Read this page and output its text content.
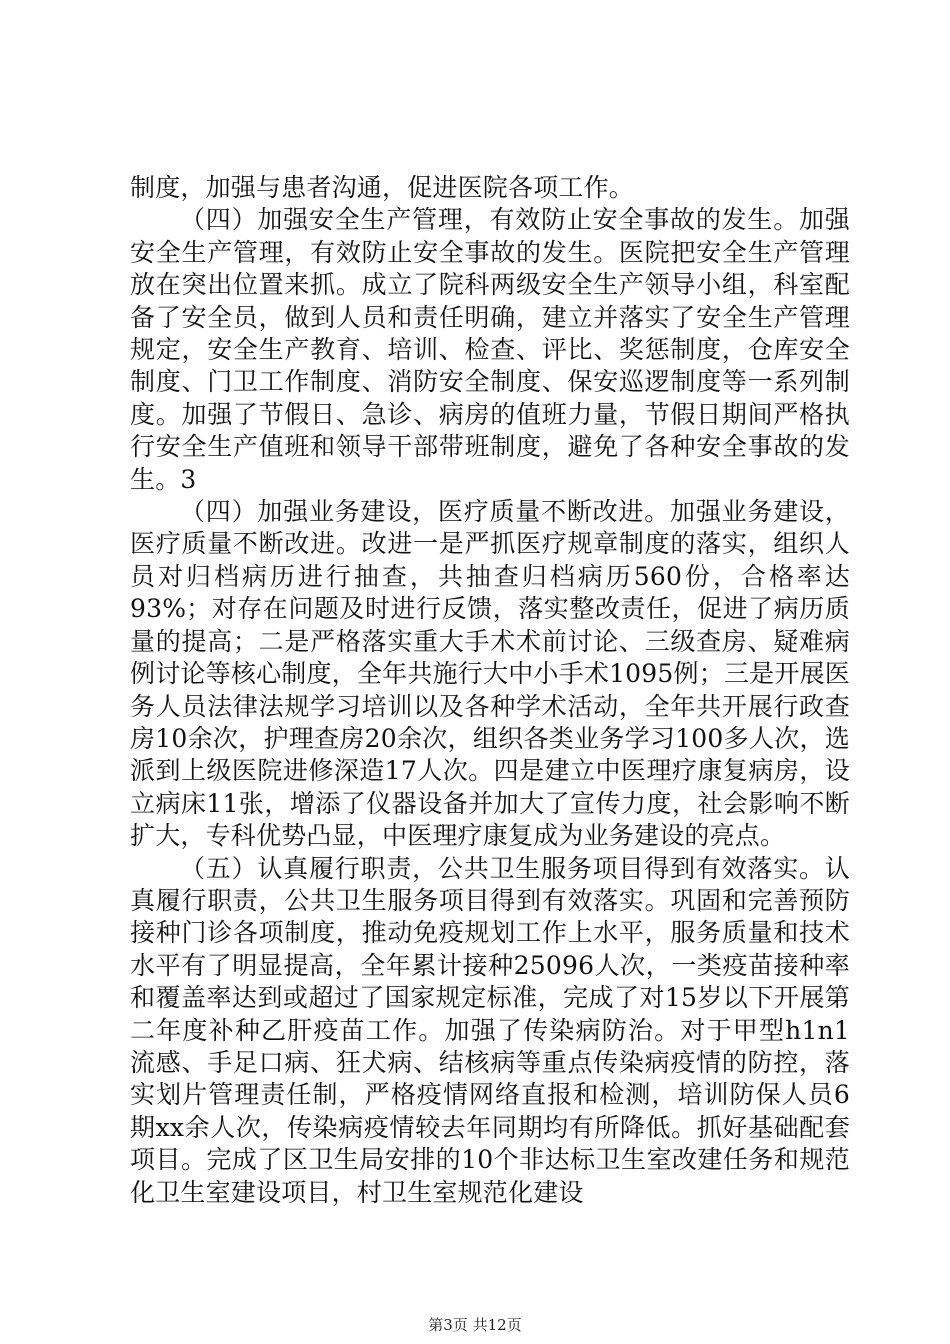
制度，加强与患者沟通，促进医院各项工作。

（四）加强安全生产管理，有效防止安全事故的发生。加强安全生产管理，有效防止安全事故的发生。医院把安全生产管理放在突出位置来抓。成立了院科两级安全生产领导小组，科室配备了安全员，做到人员和责任明确，建立并落实了安全生产管理规定，安全生产教育、培训、检查、评比、奖惩制度，仓库安全制度、门卫工作制度、消防安全制度、保安巡逻制度等一系列制度。加强了节假日、急诊、病房的值班力量，节假日期间严格执行安全生产值班和领导干部带班制度，避免了各种安全事故的发生。3

（四）加强业务建设，医疗质量不断改进。加强业务建设，医疗质量不断改进。改进一是严抓医疗规章制度的落实，组织人员对归档病历进行抽查，共抽查归档病历560份，合格率达93%；对存在问题及时进行反馈，落实整改责任，促进了病历质量的提高；二是严格落实重大手术术前讨论、三级查房、疑难病例讨论等核心制度，全年共施行大中小手术1095例；三是开展医务人员法律法规学习培训以及各种学术活动，全年共开展行政查房10余次，护理查房20余次，组织各类业务学习100多人次，选派到上级医院进修深造17人次。四是建立中医理疗康复病房，设立病床11张，增添了仪器设备并加大了宣传力度，社会影响不断扩大，专科优势凸显，中医理疗康复成为业务建设的亮点。

（五）认真履行职责，公共卫生服务项目得到有效落实。认真履行职责，公共卫生服务项目得到有效落实。巩固和完善预防接种门诊各项制度，推动免疫规划工作上水平，服务质量和技术水平有了明显提高，全年累计接种25096人次，一类疫苗接种率和覆盖率达到或超过了国家规定标准，完成了对15岁以下开展第二年度补种乙肝疫苗工作。加强了传染病防治。对于甲型h1n1流感、手足口病、狂犬病、结核病等重点传染病疫情的防控，落实划片管理责任制，严格疫情网络直报和检测，培训防保人员6期xx余人次，传染病疫情较去年同期均有所降低。抓好基础配套项目。完成了区卫生局安排的10个非达标卫生室改建任务和规范化卫生室建设项目，村卫生室规范化建设

第3页 共12页
